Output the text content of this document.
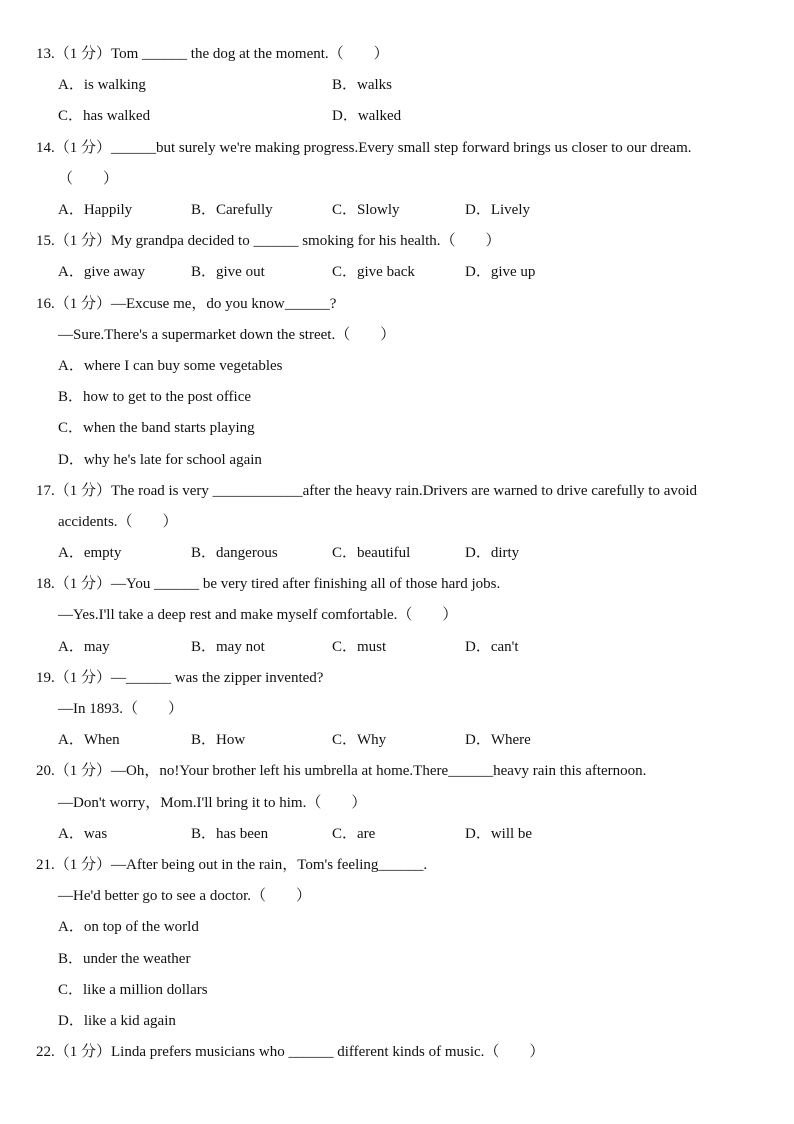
13.（1 分）Tom ______ the dog at the moment.（　　）
A．is walking	B．walks
C．has walked	D．walked
14.（1 分）______but surely we're making progress.Every small step forward brings us closer to our dream.
（　　）
A．Happily	B．Carefully	C．Slowly	D．Lively
15.（1 分）My grandpa decided to ______ smoking for his health.（　　）
A．give away	B．give out	C．give back	D．give up
16.（1 分）—Excuse me，do you know______?
—Sure.There's a supermarket down the street.（　　）
A．where I can buy some vegetables
B．how to get to the post office
C．when the band starts playing
D．why he's late for school again
17.（1 分）The road is very ____________after the heavy rain.Drivers are warned to drive carefully to avoid
accidents.（　　）
A．empty	B．dangerous	C．beautiful	D．dirty
18.（1 分）—You ______ be very tired after finishing all of those hard jobs.
—Yes.I'll take a deep rest and make myself comfortable.（　　）
A．may	B．may not	C．must	D．can't
19.（1 分）—______ was the zipper invented?
—In 1893.（　　）
A．When	B．How	C．Why	D．Where
20.（1 分）—Oh，no!Your brother left his umbrella at home.There______heavy rain this afternoon.
—Don't worry，Mom.I'll bring it to him.（　　）
A．was	B．has been	C．are	D．will be
21.（1 分）—After being out in the rain，Tom's feeling______.
—He'd better go to see a doctor.（　　）
A．on top of the world
B．under the weather
C．like a million dollars
D．like a kid again
22.（1 分）Linda prefers musicians who ______ different kinds of music.（　　）
